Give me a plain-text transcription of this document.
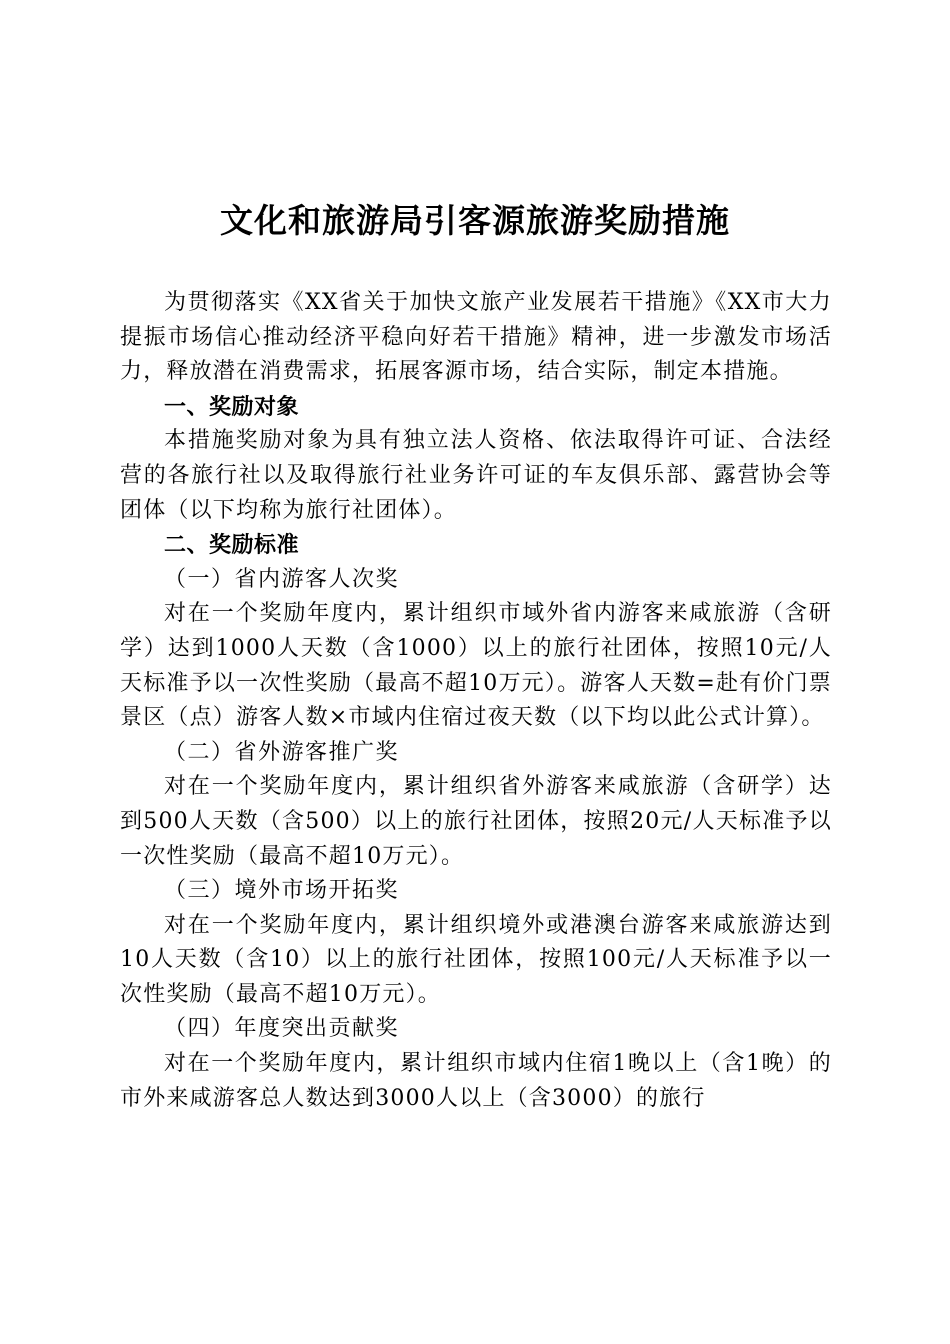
文化和旅游局引客源旅游奖励措施

为贯彻落实《XX省关于加快文旅产业发展若干措施》《XX市大力提振市场信心推动经济平稳向好若干措施》精神，进一步激发市场活力，释放潜在消费需求，拓展客源市场，结合实际，制定本措施。

一、奖励对象

本措施奖励对象为具有独立法人资格、依法取得许可证、合法经营的各旅行社以及取得旅行社业务许可证的车友俱乐部、露营协会等团体（以下均称为旅行社团体）。

二、奖励标准

（一）省内游客人次奖

对在一个奖励年度内，累计组织市域外省内游客来咸旅游（含研学）达到1000人天数（含1000）以上的旅行社团体，按照10元/人天标准予以一次性奖励（最高不超10万元）。游客人天数=赴有价门票景区（点）游客人数×市域内住宿过夜天数（以下均以此公式计算）。

（二）省外游客推广奖

对在一个奖励年度内，累计组织省外游客来咸旅游（含研学）达到500人天数（含500）以上的旅行社团体，按照20元/人天标准予以一次性奖励（最高不超10万元）。

（三）境外市场开拓奖

对在一个奖励年度内，累计组织境外或港澳台游客来咸旅游达到10人天数（含10）以上的旅行社团体，按照100元/人天标准予以一次性奖励（最高不超10万元）。

（四）年度突出贡献奖

对在一个奖励年度内，累计组织市域内住宿1晚以上（含1晚）的市外来咸游客总人数达到3000人以上（含3000）的旅行
